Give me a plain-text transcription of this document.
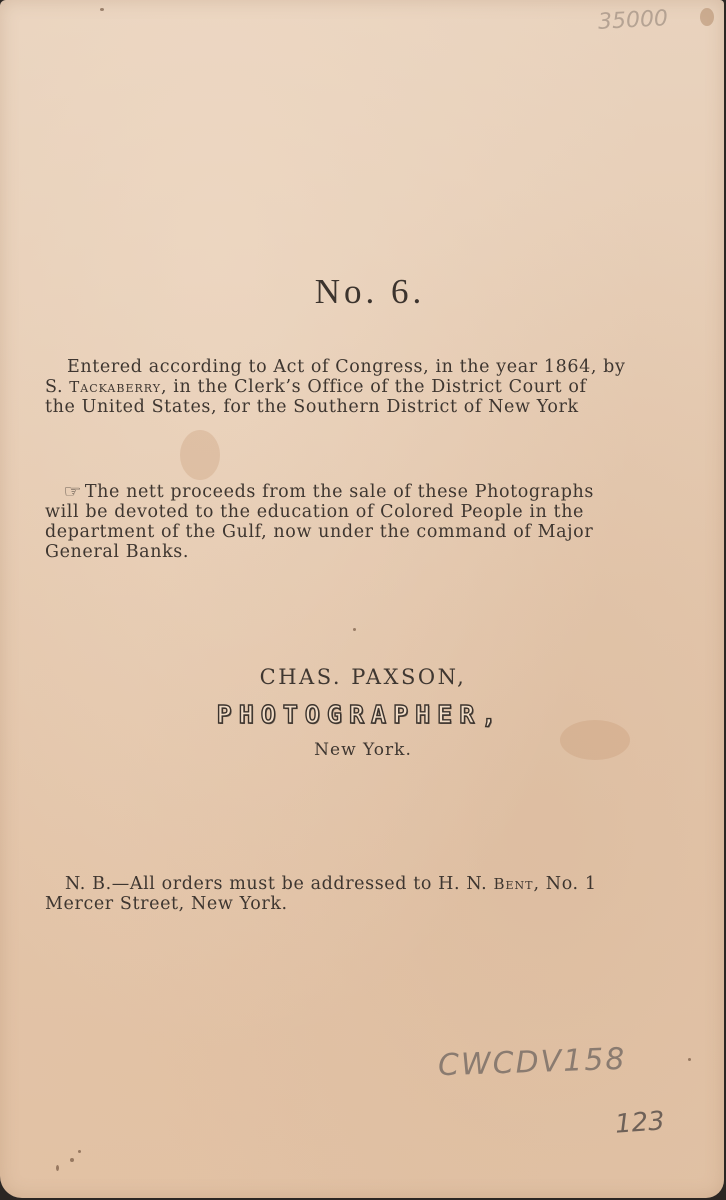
35000
No. 6.
Entered according to Act of Congress, in the year 1864, by
S. Tackaberry, in the Clerk’s Office of the District Court of
the United States, for the Southern District of New York
☞ The nett proceeds from the sale of these Photographs
will be devoted to the education of Colored People in the
department of the Gulf, now under the command of Major
General Banks.
CHAS. PAXSON,
PHOTOGRAPHER,
New York.
N. B.—All orders must be addressed to H. N. Bent, No. 1
Mercer Street, New York.
CWCDV158
123
